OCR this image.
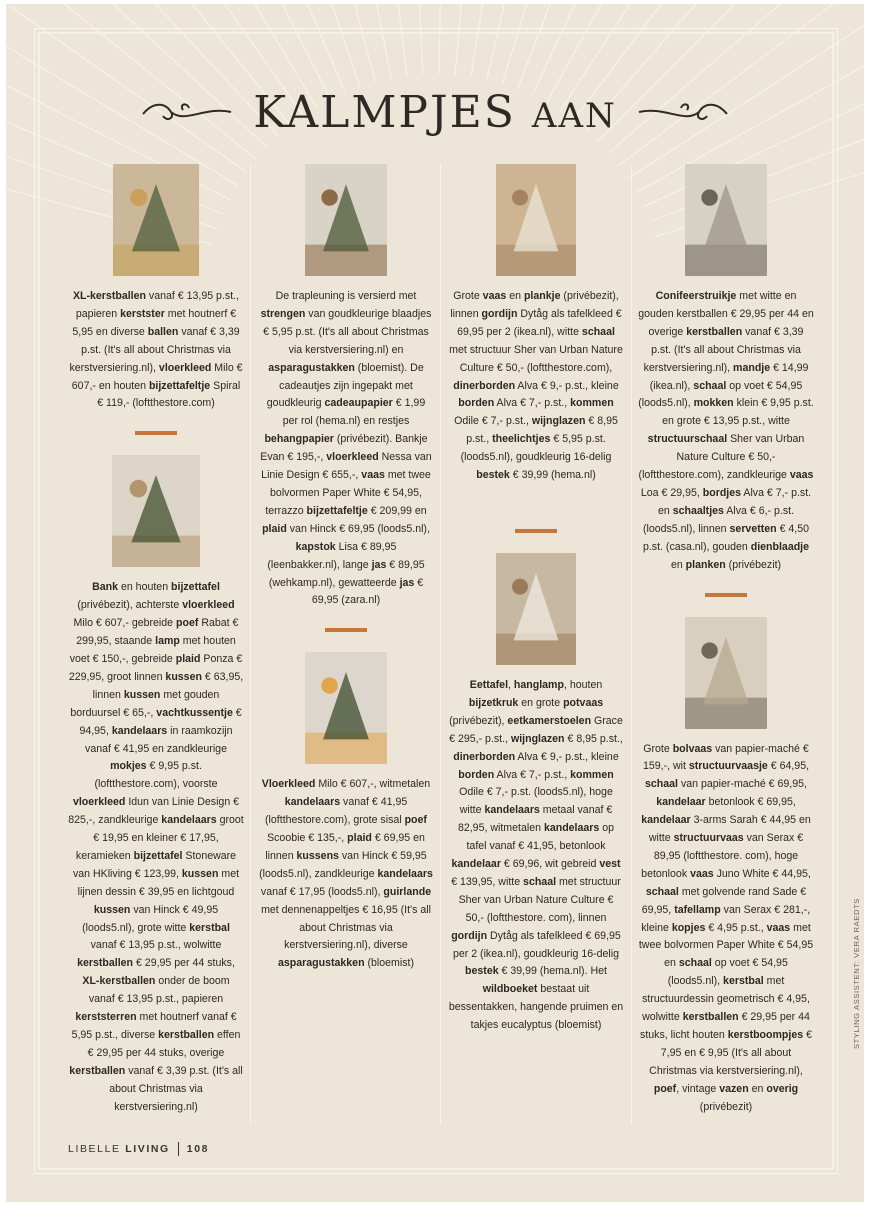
KALMPJES AAN

XL-kerstballen vanaf € 13,95 p.st., papieren kerstster met houtnerf € 5,95 en diverse ballen vanaf € 3,39 p.st. (It's all about Christmas via kerstversiering.nl), vloerkleed Milo € 607,- en houten bijzettafeltje Spiral € 119,- (loftthestore.com)

Bank en houten bijzettafel (privébezit), achterste vloerkleed Milo € 607,- gebreide poef Rabat € 299,95, staande lamp met houten voet € 150,-, gebreide plaid Ponza € 229,95, groot linnen kussen € 63,95, linnen kussen met gouden borduursel € 65,-, vachtkussentje € 94,95, kandelaars in raamkozijn vanaf € 41,95 en zandkleurige mokjes € 9,95 p.st. (loftthestore.com), voorste vloerkleed Idun van Linie Design € 825,-, zandkleurige kandelaars groot € 19,95 en kleiner € 17,95, keramieken bijzettafel Stoneware van HKliving € 123,99, kussen met lijnen dessin € 39,95 en lichtgoud kussen van Hinck € 49,95 (loods5.nl), grote witte kerstbal vanaf € 13,95 p.st., wolwitte kerstballen € 29,95 per 44 stuks, XL-kerstballen onder de boom vanaf € 13,95 p.st., papieren kerststerren met houtnerf vanaf € 5,95 p.st., diverse kerstballen effen € 29,95 per 44 stuks, overige kerstballen vanaf € 3,39 p.st. (It's all about Christmas via kerstversiering.nl)

De trapleuning is versierd met strengen van goudkleurige blaadjes € 5,95 p.st. (It's all about Christmas via kerstversiering.nl) en asparagustakken (bloemist). De cadeautjes zijn ingepakt met goudkleurig cadeaupapier € 1,99 per rol (hema.nl) en restjes behangpapier (privébezit). Bankje Evan € 195,-, vloerkleed Nessa van Linie Design € 655,-, vaas met twee bolvormen Paper White € 54,95, terrazzo bijzettafeltje € 209,99 en plaid van Hinck € 69,95 (loods5.nl), kapstok Lisa € 89,95 (leenbakker.nl), lange jas € 89,95 (wehkamp.nl), gewatteerde jas € 69,95 (zara.nl)

Vloerkleed Milo € 607,-, witmetalen kandelaars vanaf € 41,95 (loftthestore.com), grote sisal poef Scoobie € 135,-, plaid € 69,95 en linnen kussens van Hinck € 59,95 (loods5.nl), zandkleurige kandelaars vanaf € 17,95 (loods5.nl), guirlande met dennenappeltjes € 16,95 (It's all about Christmas via kerstversiering.nl), diverse asparagustakken (bloemist)

Grote vaas en plankje (privébezit), linnen gordijn Dytåg als tafelkleed € 69,95 per 2 (ikea.nl), witte schaal met structuur Sher van Urban Nature Culture € 50,- (loftthestore.com), dinerborden Alva € 9,- p.st., kleine borden Alva € 7,- p.st., kommen Odile € 7,- p.st., wijnglazen € 8,95 p.st., theelichtjes € 5,95 p.st. (loods5.nl), goudkleurig 16-delig bestek € 39,99 (hema.nl)

Eettafel, hanglamp, houten bijzetkruk en grote potvaas (privébezit), eetkamerstoelen Grace € 295,- p.st., wijnglazen € 8,95 p.st., dinerborden Alva € 9,- p.st., kleine borden Alva € 7,- p.st., kommen Odile € 7,- p.st. (loods5.nl), hoge witte kandelaars metaal vanaf € 82,95, witmetalen kandelaars op tafel vanaf € 41,95, betonlook kandelaar € 69,96, wit gebreid vest € 139,95, witte schaal met structuur Sher van Urban Nature Culture € 50,- (loftthestore. com), linnen gordijn Dytåg als tafelkleed € 69,95 per 2 (ikea.nl), goudkleurig 16-delig bestek € 39,99 (hema.nl). Het wildboeket bestaat uit bessentakken, hangende pruimen en takjes eucalyptus (bloemist)

Conifeerstruikje met witte en gouden kerstballen € 29,95 per 44 en overige kerstballen vanaf € 3,39 p.st. (It's all about Christmas via kerstversiering.nl), mandje € 14,99 (ikea.nl), schaal op voet € 54,95 (loods5.nl), mokken klein € 9,95 p.st. en grote € 13,95 p.st., witte structuurschaal Sher van Urban Nature Culture € 50,- (loftthestore.com), zandkleurige vaas Loa € 29,95, bordjes Alva € 7,- p.st. en schaaltjes Alva € 6,- p.st. (loods5.nl), linnen servetten € 4,50 p.st. (casa.nl), gouden dienblaadje en planken (privébezit)

Grote bolvaas van papier-maché € 159,-, wit structuurvaasje € 64,95, schaal van papier-maché € 69,95, kandelaar betonlook € 69,95, kandelaar 3-arms Sarah € 44,95 en witte structuurvaas van Serax € 89,95 (loftthestore. com), hoge betonlook vaas Juno White € 44,95, schaal met golvende rand Sade € 69,95, tafellamp van Serax € 281,-, kleine kopjes € 4,95 p.st., vaas met twee bolvormen Paper White € 54,95 en schaal op voet € 54,95 (loods5.nl), kerstbal met structuurdessin geometrisch € 4,95, wolwitte kerstballen € 29,95 per 44 stuks, licht houten kerstboompjes € 7,95 en € 9,95 (It's all about Christmas via kerstversiering.nl), poef, vintage vazen en overig (privébezit)

LIBELLE LIVING 108
STYLING ASSISTENT: VERA RAEDTS
